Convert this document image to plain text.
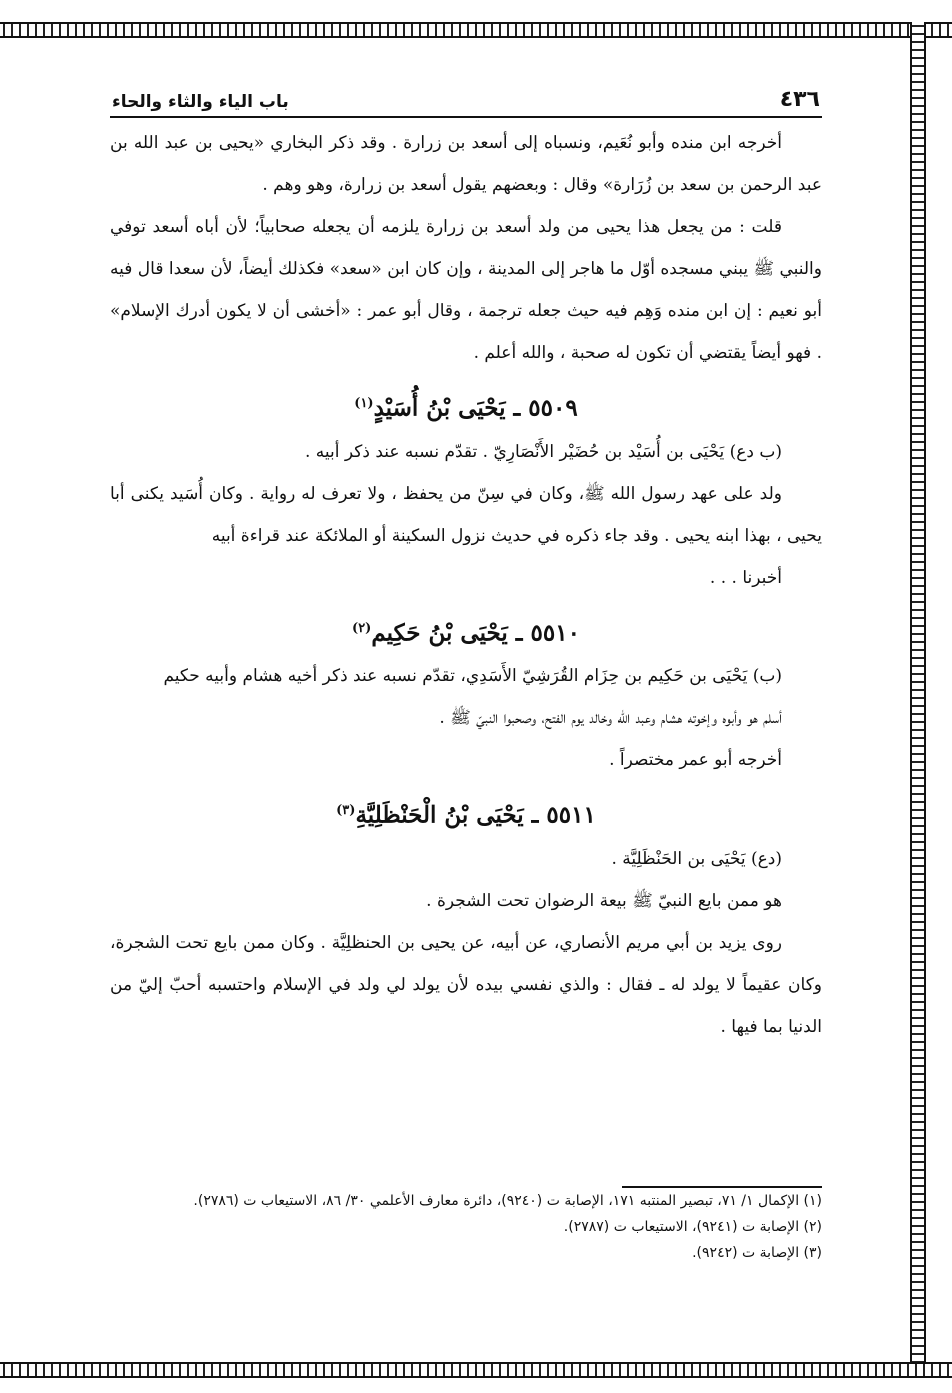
٤٣٦
باب الياء والثاء والحاء

أخرجه ابن منده وأبو نُعَيم، ونسباه إلى أسعد بن زرارة . وقد ذكر البخاري «يحيى بن عبد الله بن عبد الرحمن بن سعد بن زُرَارة» وقال : وبعضهم يقول أسعد بن زرارة، وهو وهم .

قلت : من يجعل هذا يحيى من ولد أسعد بن زرارة يلزمه أن يجعله صحابياً؛ لأن أباه أسعد توفي والنبي ﷺ يبني مسجده أوّل ما هاجر إلى المدينة ، وإن كان ابن «سعد» فكذلك أيضاً، لأن سعدا قال فيه أبو نعيم : إن ابن منده وَهِم فيه حيث جعله ترجمة ، وقال أبو عمر : «أخشى أن لا يكون أدرك الإسلام» . فهو أيضاً يقتضي أن تكون له صحبة ، والله أعلم .

٥٥٠٩ ـ يَحْيَى بْنُ أُسَيْدٍ$^{(١)}$

(ب دع) يَحْيَى بن أُسَيْد بن حُضَيْر الأَنْصَارِيّ . تقدّم نسبه عند ذكر أبيه .

ولد على عهد رسول الله ﷺ، وكان في سِنّ من يحفظ ، ولا تعرف له رواية . وكان أُسَيد يكنى أبا يحيى ، بهذا ابنه يحيى . وقد جاء ذكره في حديث نزول السكينة أو الملائكة عند قراءة أبيه

أخبرنا . . .

٥٥١٠ ـ يَحْيَى بْنُ حَكِيم$^{(٢)}$

(ب) يَحْيَى بن حَكِيم بن حِزَام القُرَشِيّ الأَسَدِي، تقدّم نسبه عند ذكر أخيه هشام وأبيه حكيم

أسلم هو وأبوه وإخوته هشام وعبد الله وخالد يوم الفتح، وصحبوا النبيّ ﷺ .

أخرجه أبو عمر مختصراً .

٥٥١١ ـ يَحْيَى بْنُ الْحَنْظَلِيَّةِ$^{(٣)}$

(دع) يَحْيَى بن الحَنْظَلِيَّة .

هو ممن بايع النبيّ ﷺ بيعة الرضوان تحت الشجرة .

روى يزيد بن أبي مريم الأنصاري، عن أبيه، عن يحيى بن الحنظلِيَّة . وكان ممن بايع تحت الشجرة، وكان عقيماً لا يولد له ـ فقال : والذي نفسي بيده لأن يولد لي ولد في الإسلام واحتسبه أحبّ إليّ من الدنيا بما فيها .

(١) الإكمال ١/ ٧١، تبصير المنتبه ١٧١، الإصابة ت (٩٢٤٠)، دائرة معارف الأعلمي ٣٠/ ٨٦، الاستيعاب ت (٢٧٨٦).

(٢) الإصابة ت (٩٢٤١)، الاستيعاب ت (٢٧٨٧).

(٣) الإصابة ت (٩٢٤٢).
